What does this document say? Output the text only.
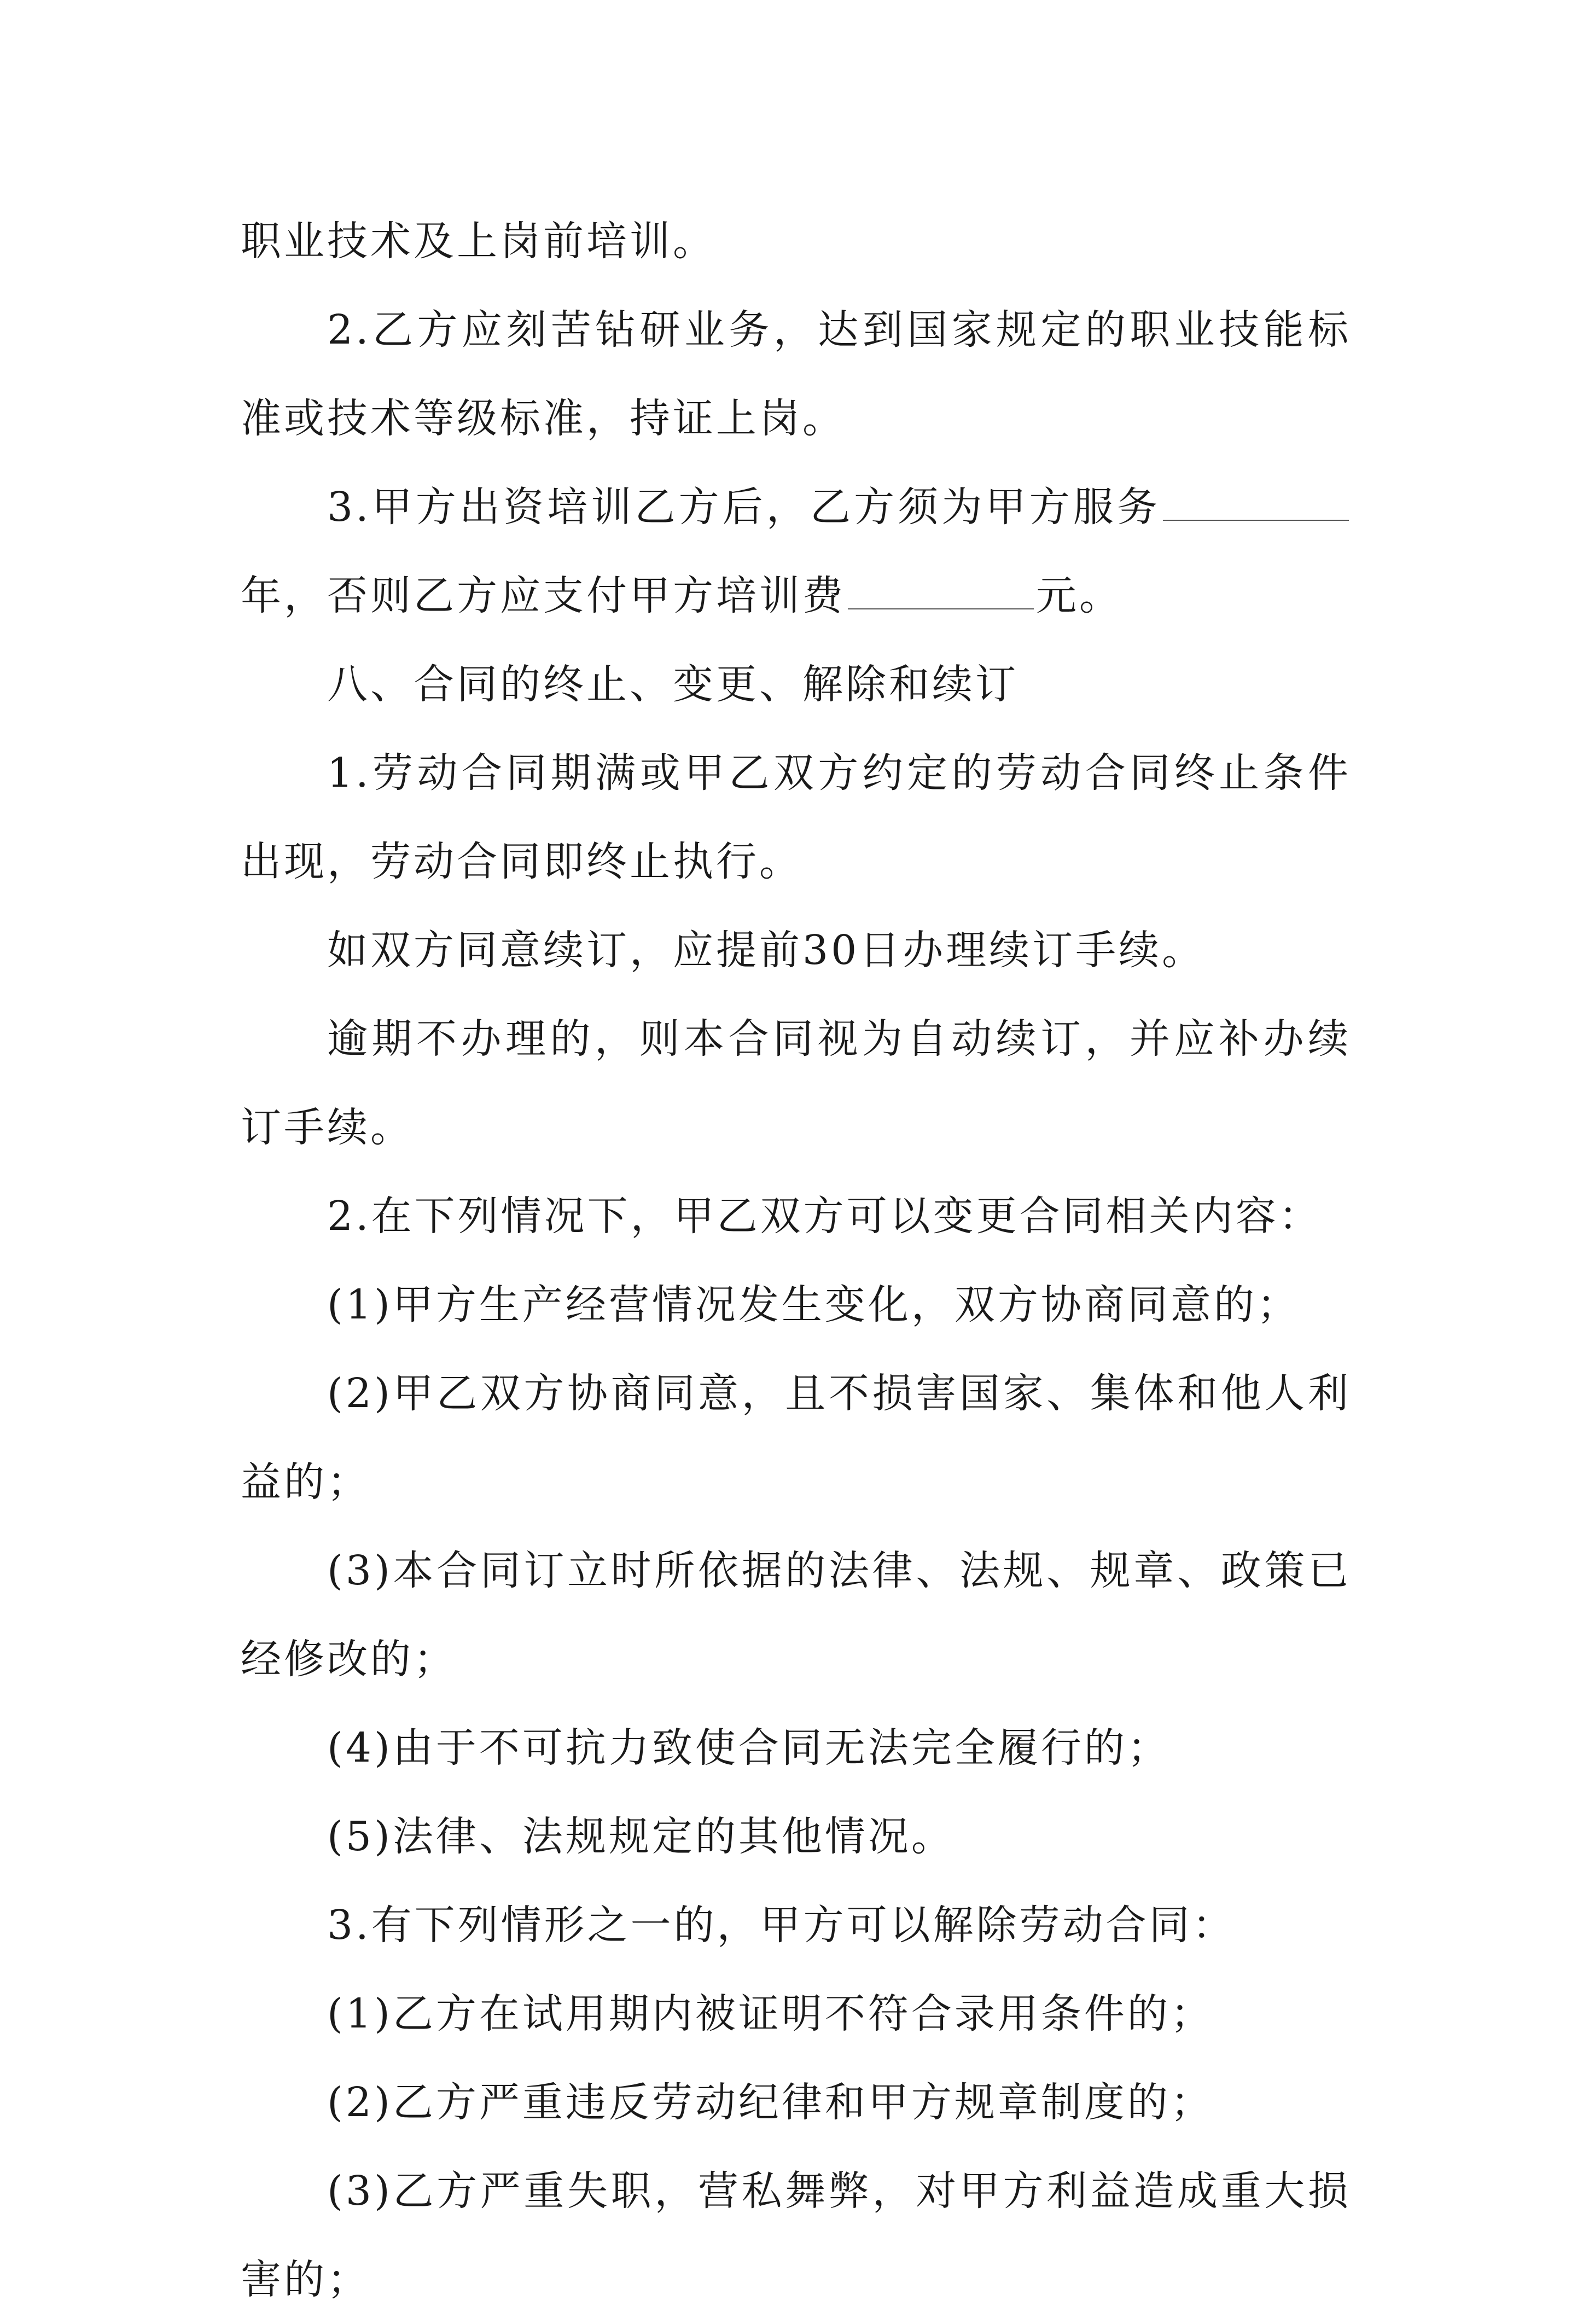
职业技术及上岗前培训。

2.乙方应刻苦钻研业务，达到国家规定的职业技能标准或技术等级标准，持证上岗。

3.甲方出资培训乙方后，乙方须为甲方服务年，否则乙方应支付甲方培训费	元。

八、合同的终止、变更、解除和续订

1.劳动合同期满或甲乙双方约定的劳动合同终止条件出现，劳动合同即终止执行。

如双方同意续订，应提前30日办理续订手续。

逾期不办理的，则本合同视为自动续订，并应补办续订手续。

2.在下列情况下，甲乙双方可以变更合同相关内容：

(1)甲方生产经营情况发生变化，双方协商同意的；

(2)甲乙双方协商同意，且不损害国家、集体和他人利益的；

(3)本合同订立时所依据的法律、法规、规章、政策已经修改的；

(4)由于不可抗力致使合同无法完全履行的；

(5)法律、法规规定的其他情况。

3.有下列情形之一的，甲方可以解除劳动合同：

(1)乙方在试用期内被证明不符合录用条件的；

(2)乙方严重违反劳动纪律和甲方规章制度的；

(3)乙方严重失职，营私舞弊，对甲方利益造成重大损害的；
